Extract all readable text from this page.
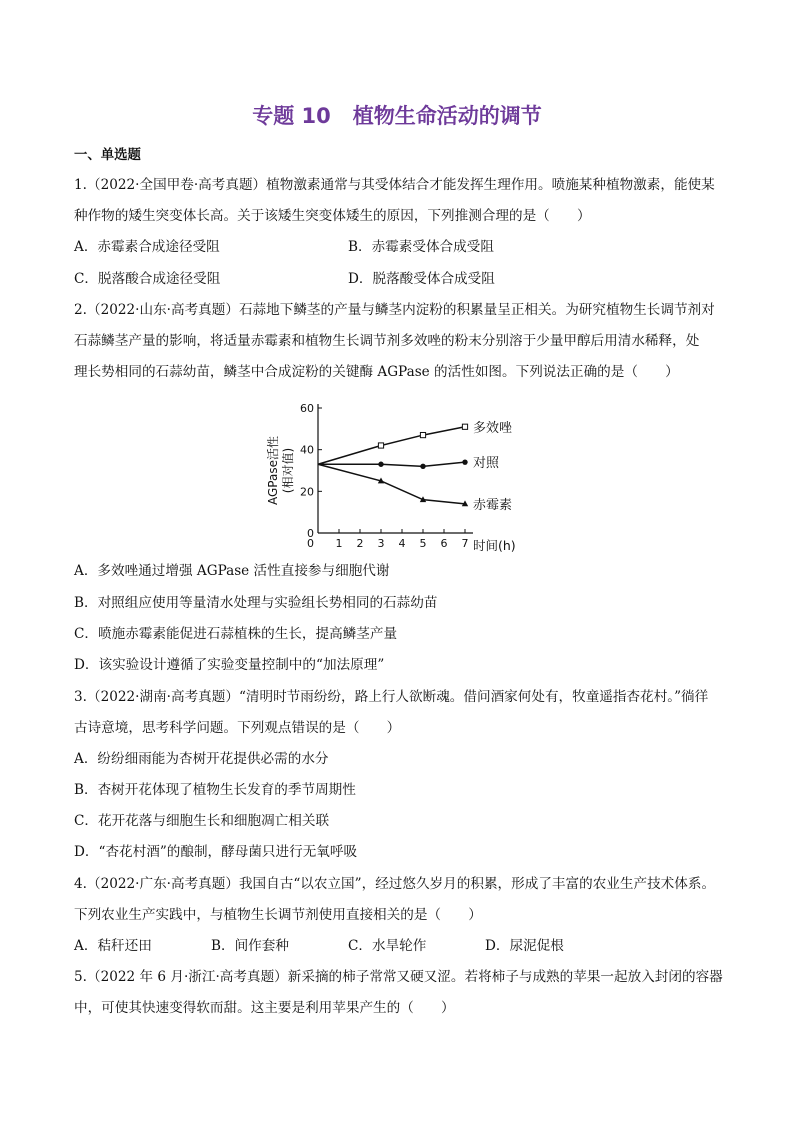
专题 10 植物生命活动的调节
一、单选题
1.（2022·全国甲卷·高考真题）植物激素通常与其受体结合才能发挥生理作用。喷施某种植物激素，能使某
种作物的矮生突变体长高。关于该矮生突变体矮生的原因，下列推测合理的是（　　）
A．赤霉素合成途径受阻	B．赤霉素受体合成受阻
C．脱落酸合成途径受阻	D．脱落酸受体合成受阻
2.（2022·山东·高考真题）石蒜地下鳞茎的产量与鳞茎内淀粉的积累量呈正相关。为研究植物生长调节剂对
石蒜鳞茎产量的影响，将适量赤霉素和植物生长调节剂多效唑的粉末分别溶于少量甲醇后用清水稀释，处
理长势相同的石蒜幼苗，鳞茎中合成淀粉的关键酶 AGPase 的活性如图。下列说法正确的是（　　）
0
20
40
60
0 1 2 3 4 5 6 7 时间(h)
AGPase活性 (相对值)
多效唑
对照
赤霉素
A．多效唑通过增强 AGPase 活性直接参与细胞代谢
B．对照组应使用等量清水处理与实验组长势相同的石蒜幼苗
C．喷施赤霉素能促进石蒜植株的生长，提高鳞茎产量
D．该实验设计遵循了实验变量控制中的“加法原理”
3.（2022·湖南·高考真题）“清明时节雨纷纷，路上行人欲断魂。借问酒家何处有，牧童遥指杏花村。”徜徉
古诗意境，思考科学问题。下列观点错误的是（　　）
A．纷纷细雨能为杏树开花提供必需的水分
B．杏树开花体现了植物生长发育的季节周期性
C．花开花落与细胞生长和细胞凋亡相关联
D．“杏花村酒”的酿制，酵母菌只进行无氧呼吸
4.（2022·广东·高考真题）我国自古“以农立国”，经过悠久岁月的积累，形成了丰富的农业生产技术体系。
下列农业生产实践中，与植物生长调节剂使用直接相关的是（　　）
A．秸秆还田	B．间作套种	C．水旱轮作	D．尿泥促根
5.（2022 年 6 月·浙江·高考真题）新采摘的柿子常常又硬又涩。若将柿子与成熟的苹果一起放入封闭的容器
中，可使其快速变得软而甜。这主要是利用苹果产生的（　　）
